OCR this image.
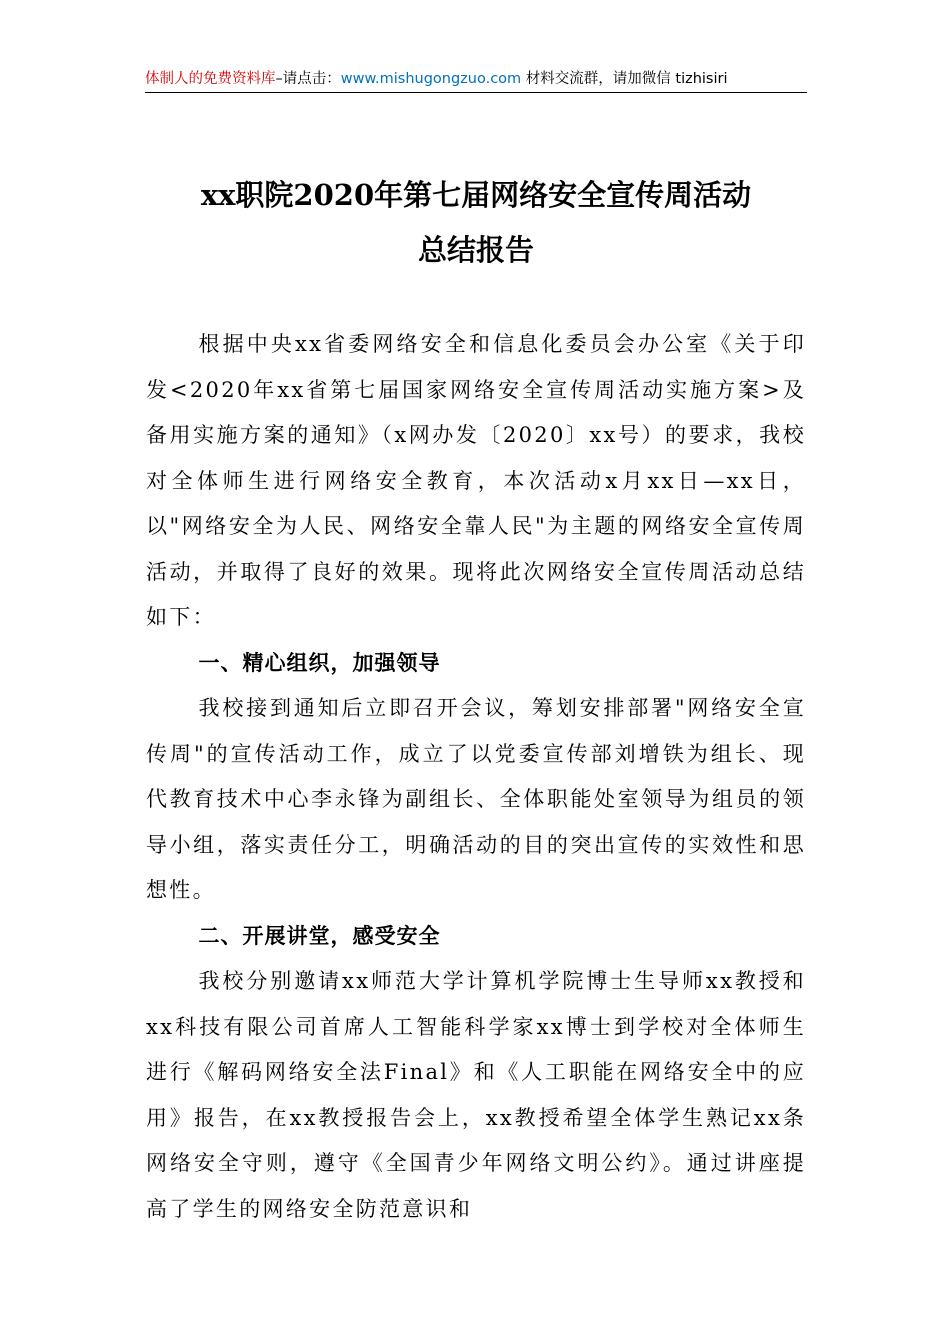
体制人的免费资料库–请点击：www.mishugongzuo.com 材料交流群，请加微信 tizhisiri
xx职院2020年第七届网络安全宣传周活动
总结报告

根据中央xx省委网络安全和信息化委员会办公室《关于印发<2020年xx省第七届国家网络安全宣传周活动实施方案>及备用实施方案的通知》（x网办发〔2020〕xx号）的要求，我校对全体师生进行网络安全教育，本次活动x月xx日—xx日，以"网络安全为人民、网络安全靠人民"为主题的网络安全宣传周活动，并取得了良好的效果。现将此次网络安全宣传周活动总结如下：

一、精心组织，加强领导

我校接到通知后立即召开会议，筹划安排部署"网络安全宣传周"的宣传活动工作，成立了以党委宣传部刘增铁为组长、现代教育技术中心李永锋为副组长、全体职能处室领导为组员的领导小组，落实责任分工，明确活动的目的突出宣传的实效性和思想性。

二、开展讲堂，感受安全

我校分别邀请xx师范大学计算机学院博士生导师xx教授和xx科技有限公司首席人工智能科学家xx博士到学校对全体师生进行《解码网络安全法Final》和《人工职能在网络安全中的应用》报告，在xx教授报告会上，xx教授希望全体学生熟记xx条网络安全守则，遵守《全国青少年网络文明公约》。通过讲座提高了学生的网络安全防范意识和
